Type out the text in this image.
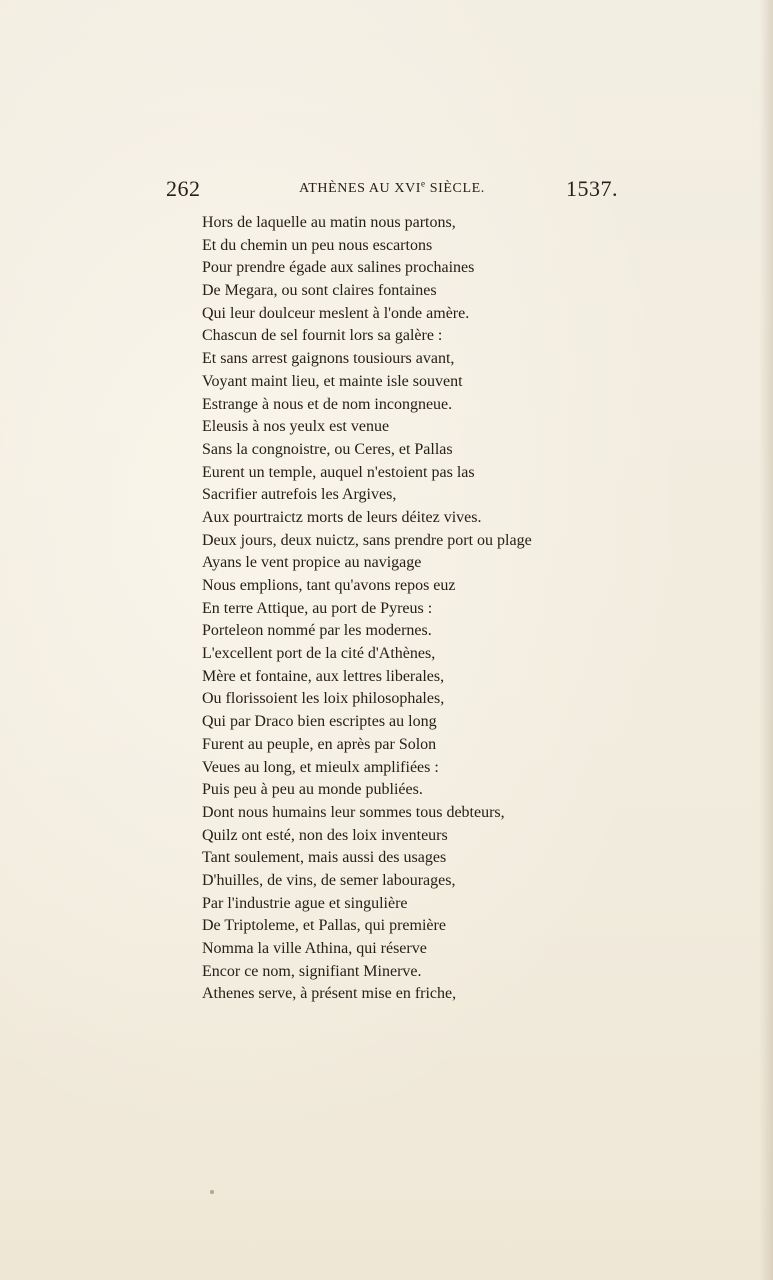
262	ATHÈNES AU XVIe SIÈCLE.	1537.
Hors de laquelle au matin nous partons,
Et du chemin un peu nous escartons
Pour prendre égade aux salines prochaines
De Megara, ou sont claires fontaines
Qui leur doulceur meslent à l'onde amère.
Chascun de sel fournit lors sa galère :
Et sans arrest gaignons tousiours avant,
Voyant maint lieu, et mainte isle souvent
Estrange à nous et de nom incongneue.
Eleusis à nos yeulx est venue
Sans la congnoistre, ou Ceres, et Pallas
Eurent un temple, auquel n'estoient pas las
Sacrifier autrefois les Argives,
Aux pourtraictz morts de leurs déitez vives.
Deux jours, deux nuictz, sans prendre port ou plage
Ayans le vent propice au navigage
Nous emplions, tant qu'avons repos euz
En terre Attique, au port de Pyreus :
Porteleon nommé par les modernes.
L'excellent port de la cité d'Athènes,
Mère et fontaine, aux lettres liberales,
Ou florissoient les loix philosophales,
Qui par Draco bien escriptes au long
Furent au peuple, en après par Solon
Veues au long, et mieulx amplifiées :
Puis peu à peu au monde publiées.
Dont nous humains leur sommes tous debteurs,
Quilz ont esté, non des loix inventeurs
Tant soulement, mais aussi des usages
D'huilles, de vins, de semer labourages,
Par l'industrie ague et singulière
De Triptoleme, et Pallas, qui première
Nomma la ville Athina, qui réserve
Encor ce nom, signifiant Minerve.
Athenes serve, à présent mise en friche,
